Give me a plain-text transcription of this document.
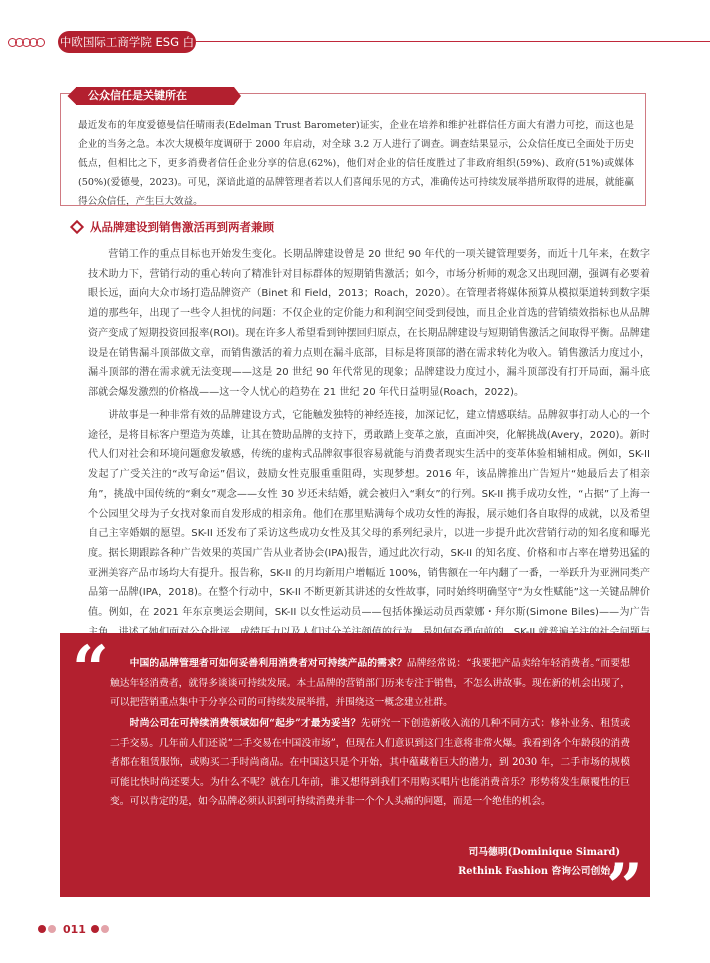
中欧国际工商学院 ESG 白皮书
公众信任是关键所在
最近发布的年度爱德曼信任晴雨表(Edelman Trust Barometer)证实，企业在培养和维护社群信任方面大有潜力可挖，而这也是企业的当务之急。本次大规模年度调研于 2000 年启动，对全球 3.2 万人进行了调查。调查结果显示，公众信任度已全面处于历史低点，但相比之下，更多消费者信任企业分享的信息(62%)，他们对企业的信任度胜过了非政府组织(59%)、政府(51%)或媒体(50%)(爱德曼，2023)。可见，深谙此道的品牌管理者若以人们喜闻乐见的方式，准确传达可持续发展举措所取得的进展，就能赢得公众信任，产生巨大效益。
从品牌建设到销售激活再到两者兼顾

营销工作的重点目标也开始发生变化。长期品牌建设曾是 20 世纪 90 年代的一项关键管理要务，而近十几年来，在数字技术助力下，营销行动的重心转向了精准针对目标群体的短期销售激活；如今，市场分析师的观念又出现回潮，强调有必要着眼长远，面向大众市场打造品牌资产（Binet 和 Field，2013；Roach，2020）。在管理者将媒体预算从模拟渠道转到数字渠道的那些年，出现了一些令人担忧的问题：不仅企业的定价能力和利润空间受到侵蚀，而且企业首选的营销绩效指标也从品牌资产变成了短期投资回报率(ROI)。现在许多人希望看到钟摆回归原点，在长期品牌建设与短期销售激活之间取得平衡。品牌建设是在销售漏斗顶部做文章，而销售激活的着力点则在漏斗底部，目标是将顶部的潜在需求转化为收入。销售激活力度过小，漏斗顶部的潜在需求就无法变现——这是 20 世纪 90 年代常见的现象；品牌建设力度过小，漏斗顶部没有打开局面，漏斗底部就会爆发激烈的价格战——这一令人忧心的趋势在 21 世纪 20 年代日益明显(Roach，2022)。

讲故事是一种非常有效的品牌建设方式，它能触发独特的神经连接，加深记忆，建立情感联结。品牌叙事打动人心的一个途径，是将目标客户塑造为英雄，让其在赞助品牌的支持下，勇敢踏上变革之旅，直面冲突，化解挑战(Avery，2020)。新时代人们对社会和环境问题愈发敏感，传统的虚构式品牌叙事很容易就能与消费者现实生活中的变革体验相辅相成。例如，SK-II 发起了广受关注的“改写命运”倡议，鼓励女性克服重重阻碍，实现梦想。2016 年，该品牌推出广告短片“她最后去了相亲角”，挑战中国传统的“剩女”观念——女性 30 岁还未结婚，就会被归入“剩女”的行列。SK-II 携手成功女性，“占据”了上海一个公园里父母为子女找对象而自发形成的相亲角。他们在那里贴满每个成功女性的海报，展示她们各自取得的成就，以及希望自己主宰婚姻的愿望。SK-II 还发布了采访这些成功女性及其父母的系列纪录片，以进一步提升此次营销行动的知名度和曝光度。据长期跟踪各种广告效果的英国广告从业者协会(IPA)报告，通过此次行动，SK-II 的知名度、价格和市占率在增势迅猛的亚洲美容产品市场均大有提升。报告称，SK-II 的月均新用户增幅近 100%，销售额在一年内翻了一番，一举跃升为亚洲同类产品第一品牌(IPA，2018)。在整个行动中，SK-II 不断更新其讲述的女性故事，同时始终明确坚守“为女性赋能”这一关键品牌价值。例如，在 2021 年东京奥运会期间，SK-II 以女性运动员——包括体操运动员西蒙娜・拜尔斯(Simone Biles)——为广告

“	中国的品牌管理者可如何妥善利用消费者对可持续产品的需求？品牌经常说：“我要把产品卖给年轻消费者。”而要想触达年轻消费者，就得多谈谈可持续发展。本土品牌的营销部门历来专注于销售，不怎么讲故事。现在新的机会出现了，可以把营销重点集中于分享公司的可持续发展举措，并围绕这一概念建立社群。

时尚公司在可持续消费领域如何“起步”才最为妥当？先研究一下创造新收入流的几种不同方式：修补业务、租赁或二手交易。几年前人们还说“二手交易在中国没市场”，但现在人们意识到这门生意将非常火爆。我看到各个年龄段的消费者都在租赁服饰，或购买二手时尚商品。在中国这只是个开始，其中蕴藏着巨大的潜力，到 2030 年，二手市场的规模可能比快时尚还要大。为什么不呢？就在几年前，谁又想得到我们不用购买唱片也能消费音乐？形势将发生颠覆性的巨变。可以肯定的是，如今品牌必须认识到可持续消费并非一个个人头痛的问题，而是一个绝佳的机会。

司马德明(Dominique Simard)
Rethink Fashion 咨询公司创始人
”
011
